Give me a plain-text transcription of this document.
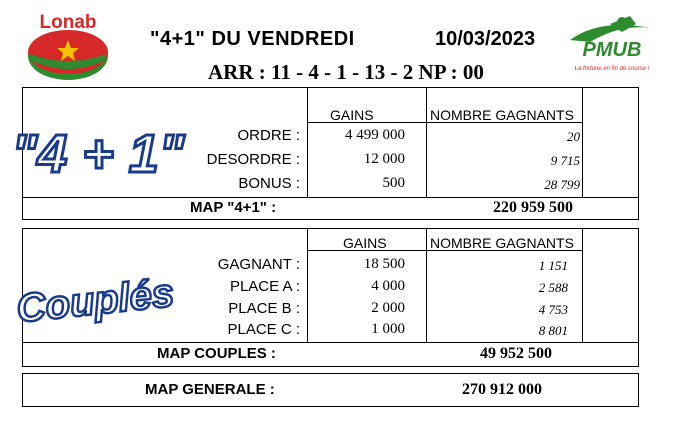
Lonab
PMUB
La fortune en fin de course !
"4+1" DU VENDREDI	10/03/2023
ARR : 11 - 4 - 1 - 13 - 2 NP : 00
"4 + 1"
GAINS	NOMBRE GAGNANTS
ORDRE :	4 499 000	20
DESORDRE :	12 000	9 715
BONUS :	500	28 799
MAP "4+1" :	220 959 500
Couplés
GAINS	NOMBRE GAGNANTS
GAGNANT :	18 500	1 151
PLACE A :	4 000	2 588
PLACE B :	2 000	4 753
PLACE C :	1 000	8 801
MAP COUPLES :	49 952 500
MAP GENERALE :	270 912 000
